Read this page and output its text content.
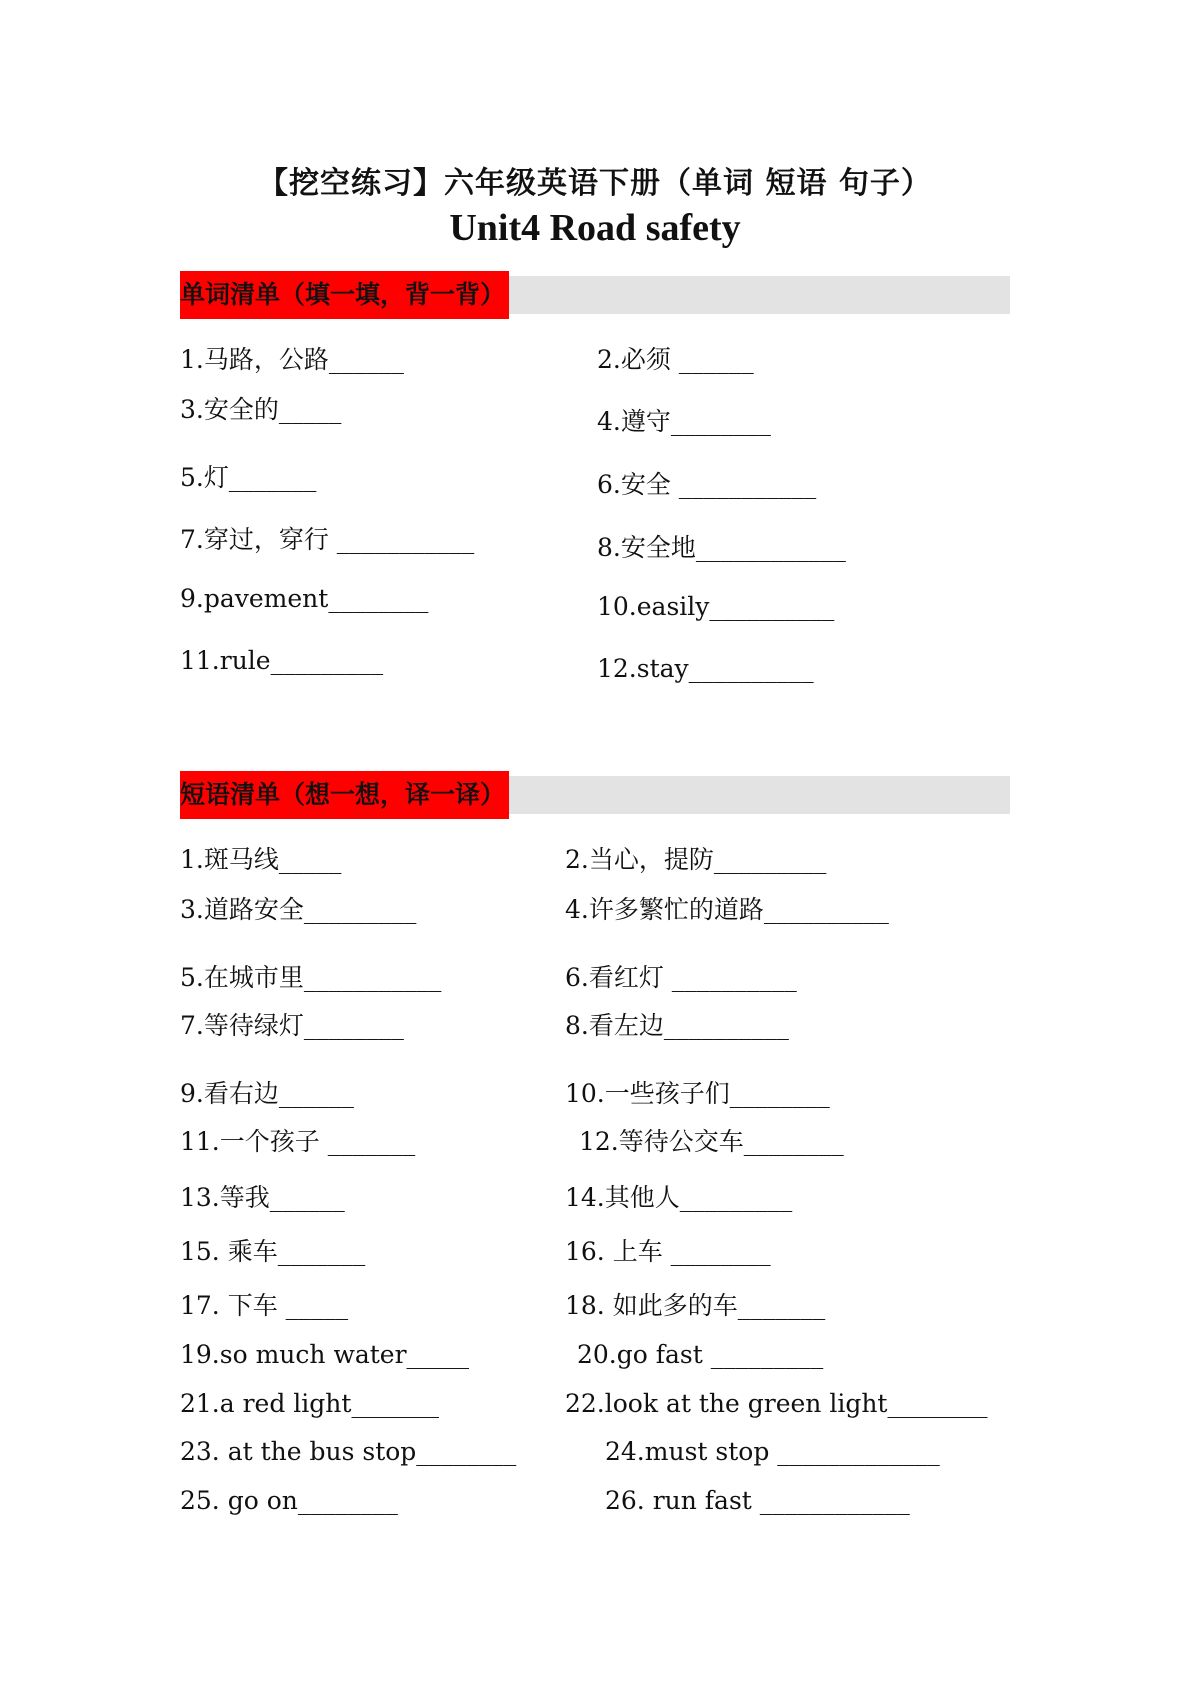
【挖空练习】六年级英语下册（单词 短语 句子）
Unit4 Road safety
单词清单（填一填，背一背）
1.马路，公路______	2.必须 ______
3.安全的_____	4.遵守________
5.灯_______	6.安全 ___________
7.穿过，穿行 ___________	8.安全地____________
9.pavement________	10.easily__________
11.rule_________	12.stay__________
短语清单（想一想，译一译）
1.斑马线_____	2.当心，提防_________
3.道路安全_________	4.许多繁忙的道路__________
5.在城市里___________	6.看红灯 __________
7.等待绿灯________	8.看左边__________
9.看右边______	10.一些孩子们________
11.一个孩子 _______	12.等待公交车________
13.等我______	14.其他人_________
15. 乘车_______	16. 上车 ________
17. 下车 _____	18. 如此多的车_______
19.so much water_____	20.go fast _________
21.a red light_______	22.look at the green light________
23. at the bus stop________	24.must stop _____________
25. go on________	26. run fast ____________
